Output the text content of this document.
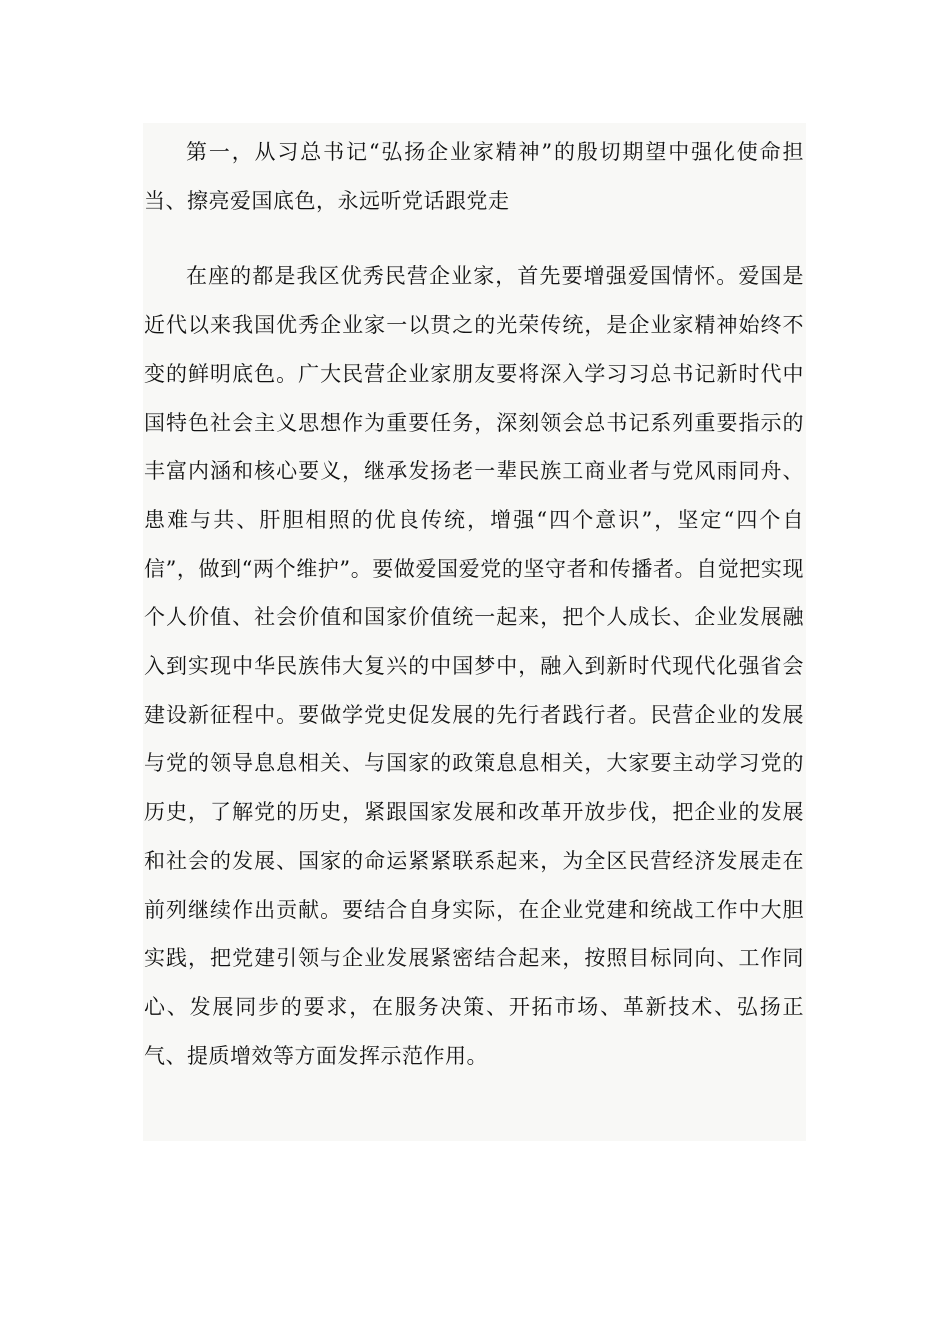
第一，从习总书记“弘扬企业家精神”的殷切期望中强化使命担当、擦亮爱国底色，永远听党话跟党走

在座的都是我区优秀民营企业家，首先要增强爱国情怀。爱国是近代以来我国优秀企业家一以贯之的光荣传统，是企业家精神始终不变的鲜明底色。广大民营企业家朋友要将深入学习习总书记新时代中国特色社会主义思想作为重要任务，深刻领会总书记系列重要指示的丰富内涵和核心要义，继承发扬老一辈民族工商业者与党风雨同舟、患难与共、肝胆相照的优良传统，增强“四个意识”，坚定“四个自信”，做到“两个维护”。要做爱国爱党的坚守者和传播者。自觉把实现个人价值、社会价值和国家价值统一起来，把个人成长、企业发展融入到实现中华民族伟大复兴的中国梦中，融入到新时代现代化强省会建设新征程中。要做学党史促发展的先行者践行者。民营企业的发展与党的领导息息相关、与国家的政策息息相关，大家要主动学习党的历史，了解党的历史，紧跟国家发展和改革开放步伐，把企业的发展和社会的发展、国家的命运紧紧联系起来，为全区民营经济发展走在前列继续作出贡献。要结合自身实际，在企业党建和统战工作中大胆实践，把党建引领与企业发展紧密结合起来，按照目标同向、工作同心、发展同步的要求，在服务决策、开拓市场、革新技术、弘扬正气、提质增效等方面发挥示范作用。
